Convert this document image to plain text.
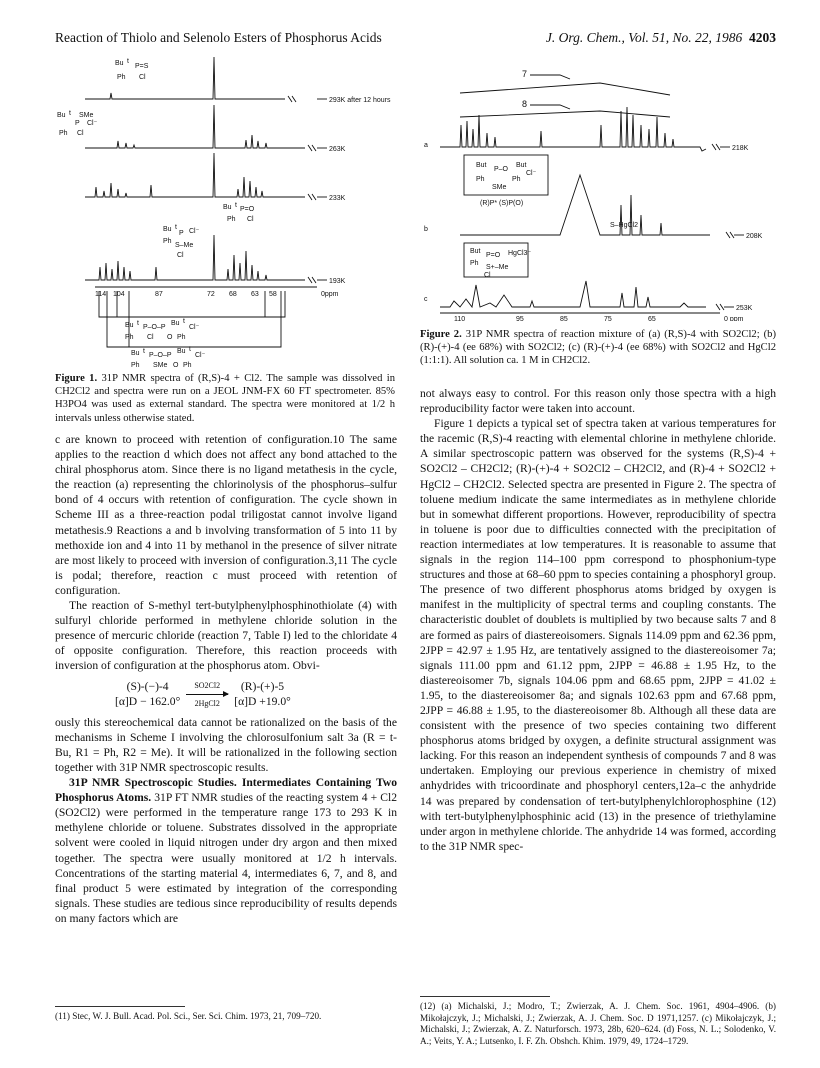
Reaction of Thiolo and Selenolo Esters of Phosphorus Acids	J. Org. Chem., Vol. 51, No. 22, 1986 4203
Bu t
P=S
Ph Cl
Bu t SMe
P Cl⁻
Ph Cl
Bu t
P=O
Ph Cl
Bu t
P Cl⁻
Ph
S–Me
Cl
Bu t
P–O–P
Bu t
Cl⁻
Ph Cl O Ph
Bu t
P–O–P
Bu t
Cl⁻
Ph SMe O Ph
293K after 12 hours
263K
233K
193K
114 104	87	72 68 63 58	0ppm
Figure 1. 31P NMR spectra of (R,S)-4 + Cl2. The sample was dissolved in CH2Cl2 and spectra were run on a JEOL JNM-FX 60 FT spectrometer. 85% H3PO4 was used as external standard. The spectra were monitored at 1/2 h intervals unless otherwise stated.

c are known to proceed with retention of configuration.10 The same applies to the reaction d which does not affect any bond attached to the chiral phosphorus atom. Since there is no ligand metathesis in the cycle, the reaction (a) representing the chlorinolysis of the phosphorus–sulfur bond of 4 occurs with retention of configuration. The cycle shown in Scheme III as a three-reaction podal triligostat cannot involve ligand metathesis.9 Reactions a and b involving transformation of 5 into 11 by methoxide ion and 4 into 11 by methanol in the presence of silver nitrate are most likely to proceed with inversion of configuration.3,11 The cycle is podal; therefore, reaction c must proceed with retention of configuration.

The reaction of S-methyl tert-butylphenylphosphinothiolate (4) with sulfuryl chloride performed in methylene chloride solution in the presence of mercuric chloride (reaction 7, Table I) led to the chloridate 4 of opposite configuration. Therefore, this reaction proceeds with inversion of configuration at the phosphorus atom. Obvi-

(S)-(−)-4
[α]D − 162.0°
SO2Cl2
2HgCl2
(R)-(+)-5
[α]D +19.0°

ously this stereochemical data cannot be rationalized on the basis of the mechanisms in Scheme I involving the chlorosulfonium salt 3a (R = t-Bu, R1 = Ph, R2 = Me). It will be rationalized in the following section together with 31P NMR spectroscopic results.

31P NMR Spectroscopic Studies. Intermediates Containing Two Phosphorus Atoms. 31P FT NMR studies of the reacting system 4 + Cl2 (SO2Cl2) were performed in the temperature range 173 to 293 K in methylene chloride or toluene. Substrates dissolved in the appropriate solvent were cooled in liquid nitrogen under dry argon and then mixed together. The spectra were usually monitored at 1/2 h intervals. Concentrations of the starting material 4, intermediates 6, 7, and 8, and final product 5 were estimated by integration of the corresponding signals. These studies are tedious since reproducibility of results depends on many factors which are

(11) Stec, W. J. Bull. Acad. Pol. Sci., Ser. Sci. Chim. 1973, 21, 709–720.
But
P–O
But
Cl⁻
Ph
SMe
Ph
(R)P* (S)P(O)
But
P=O HgCl3⁻
Ph
S+–Me
Cl
S–HgCl2
a
b
c
7
8
218K
208K
253K
110	95	85	75	65	0 ppm
Figure 2. 31P NMR spectra of reaction mixture of (a) (R,S)-4 with SO2Cl2; (b) (R)-(+)-4 (ee 68%) with SO2Cl2; (c) (R)-(+)-4 (ee 68%) with SO2Cl2 and HgCl2 (1:1:1). All solution ca. 1 M in CH2Cl2.

not always easy to control. For this reason only those spectra with a high reproducibility factor were taken into account.

Figure 1 depicts a typical set of spectra taken at various temperatures for the racemic (R,S)-4 reacting with elemental chlorine in methylene chloride. A similar spectroscopic pattern was observed for the systems (R,S)-4 + SO2Cl2 – CH2Cl2; (R)-(+)-4 + SO2Cl2 – CH2Cl2, and (R)-4 + SO2Cl2 + HgCl2 – CH2Cl2. Selected spectra are presented in Figure 2. The spectra of toluene medium indicate the same intermediates as in methylene chloride but in somewhat different proportions. However, reproducibility of spectra in toluene is poor due to difficulties connected with the precipitation of reaction intermediates at low temperatures. It is reasonable to assume that signals in the region 114–100 ppm correspond to phosphonium-type structures and those at 68–60 ppm to species containing a phosphoryl group. The presence of two different phosphorus atoms bridged by oxygen is manifest in the multiplicity of spectral terms and coupling constants. The characteristic doublet of doublets is multiplied by two because salts 7 and 8 are formed as pairs of diastereoisomers. Signals 114.09 ppm and 62.36 ppm, 2JPP = 42.97 ± 1.95 Hz, are tentatively assigned to the diastereoisomer 7a; signals 111.00 ppm and 61.12 ppm, 2JPP = 46.88 ± 1.95 Hz, to the diastereoisomer 7b, signals 104.06 ppm and 68.65 ppm, 2JPP = 41.02 ± 1.95, to the diastereoisomer 8a; and signals 102.63 ppm and 67.68 ppm, 2JPP = 46.88 ± 1.95, to the diastereoisomer 8b. Although all these data are consistent with the presence of two species containing two different phosphorus atoms bridged by oxygen, a definite structural assignment was lacking. For this reason an independent synthesis of compounds 7 and 8 was undertaken. Employing our previous experience in chemistry of mixed anhydrides with tricoordinate and phosphoryl centers,12a–c the anhydride 14 was prepared by condensation of tert-butylphenylchlorophosphine (12) with tert-butylphenylphosphinic acid (13) in the presence of triethylamine under argon in methylene chloride. The anhydride 14 was formed, according to the 31P NMR spec-

(12) (a) Michalski, J.; Modro, T.; Zwierzak, A. J. Chem. Soc. 1961, 4904–4906. (b) Mikołajczyk, J.; Michalski, J.; Zwierzak, A. J. Chem. Soc. D 1971,1257. (c) Mikołajczyk, J.; Michalski, J.; Zwierzak, A. Z. Naturforsch. 1973, 28b, 620–624. (d) Foss, N. L.; Solodenko, V. A.; Veits, Y. A.; Lutsenko, I. F. Zh. Obshch. Khim. 1979, 49, 1724–1729.
